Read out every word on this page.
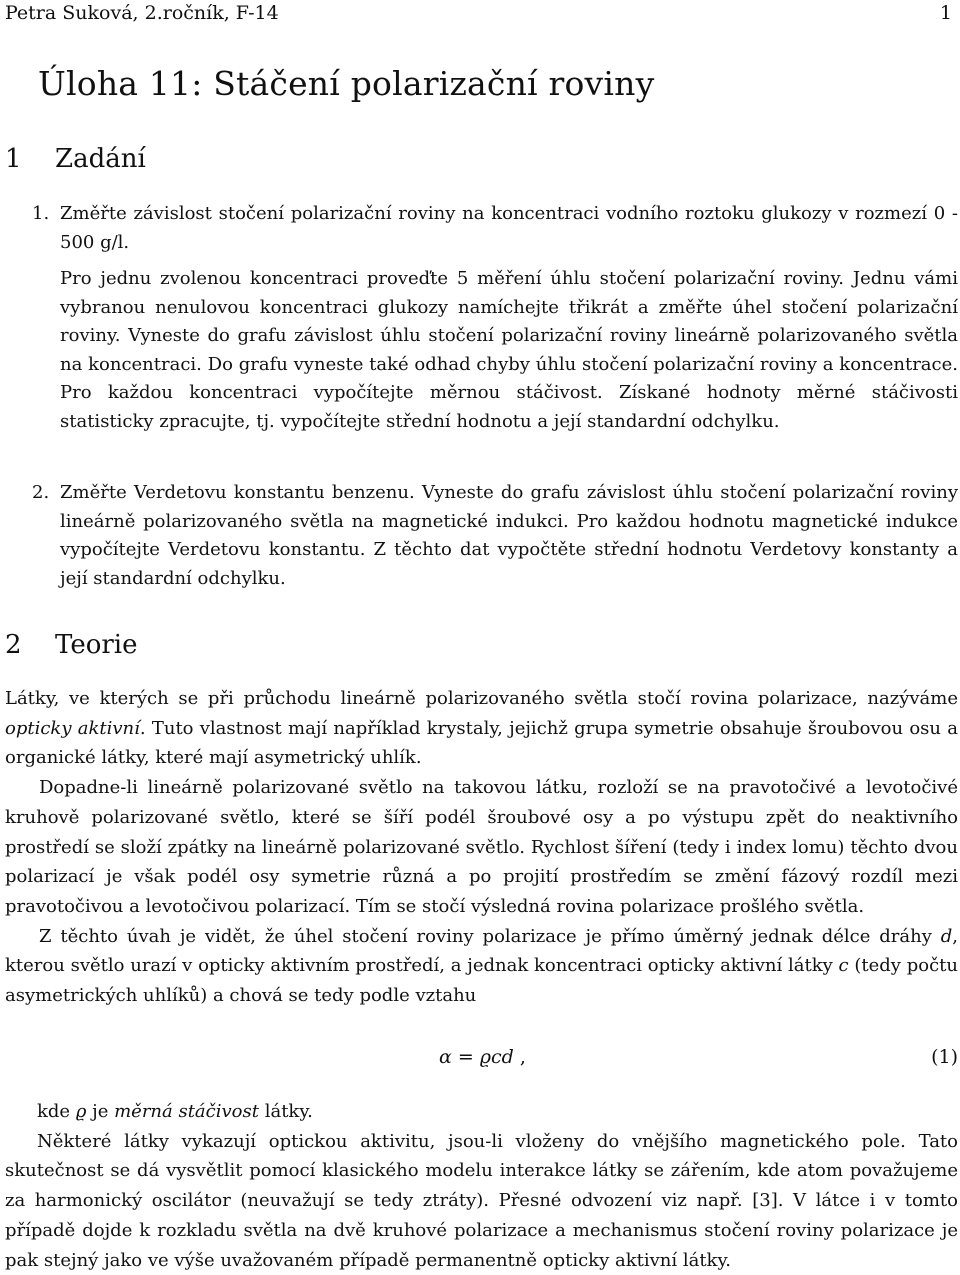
Petra Suková, 2.ročník, F-14	1
Úloha 11: Stáčení polarizační roviny
1 Zadání
1. Změřte závislost stočení polarizační roviny na koncentraci vodního roztoku glukozy v rozmezí 0 - 500 g/l.

Pro jednu zvolenou koncentraci proveďte 5 měření úhlu stočení polarizační roviny. Jednu vámi vybranou nenulovou koncentraci glukozy namíchejte třikrát a změřte úhel stočení polarizační roviny. Vyneste do grafu závislost úhlu stočení polarizační roviny lineárně polarizovaného světla na koncentraci. Do grafu vyneste také odhad chyby úhlu stočení polarizační roviny a koncentrace. Pro každou koncentraci vypočítejte měrnou stáčivost. Získané hodnoty měrné stáčivosti statisticky zpracujte, tj. vypočítejte střední hodnotu a její standardní odchylku.

2. Změřte Verdetovu konstantu benzenu. Vyneste do grafu závislost úhlu stočení polarizační roviny lineárně polarizovaného světla na magnetické indukci. Pro každou hodnotu magnetické indukce vypočítejte Verdetovu konstantu. Z těchto dat vypočtěte střední hodnotu Verdetovy konstanty a její standardní odchylku.

2 Teorie

Látky, ve kterých se při průchodu lineárně polarizovaného světla stočí rovina polarizace, nazýváme opticky aktivní. Tuto vlastnost mají například krystaly, jejichž grupa symetrie obsahuje šroubovou osu a organické látky, které mají asymetrický uhlík.

Dopadne-li lineárně polarizované světlo na takovou látku, rozloží se na pravotočivé a levotočivé kruhově polarizované světlo, které se šíří podél šroubové osy a po výstupu zpět do neaktivního prostředí se složí zpátky na lineárně polarizované světlo. Rychlost šíření (tedy i index lomu) těchto dvou polarizací je však podél osy symetrie různá a po projití prostředím se změní fázový rozdíl mezi pravotočivou a levotočivou polarizací. Tím se stočí výsledná rovina polarizace prošlého světla.

Z těchto úvah je vidět, že úhel stočení roviny polarizace je přímo úměrný jednak délce dráhy d, kterou světlo urazí v opticky aktivním prostředí, a jednak koncentraci opticky aktivní látky c (tedy počtu asymetrických uhlíků) a chová se tedy podle vztahu

α = ϱcd ,	(1)

kde ϱ je měrná stáčivost látky.

Některé látky vykazují optickou aktivitu, jsou-li vloženy do vnějšího magnetického pole. Tato skutečnost se dá vysvětlit pomocí klasického modelu interakce látky se zářením, kde atom považujeme za harmonický oscilátor (neuvažují se tedy ztráty). Přesné odvození viz např. [3]. V látce i v tomto případě dojde k rozkladu světla na dvě kruhové polarizace a mechanismus stočení roviny polarizace je pak stejný jako ve výše uvažovaném případě permanentně opticky aktivní látky.
